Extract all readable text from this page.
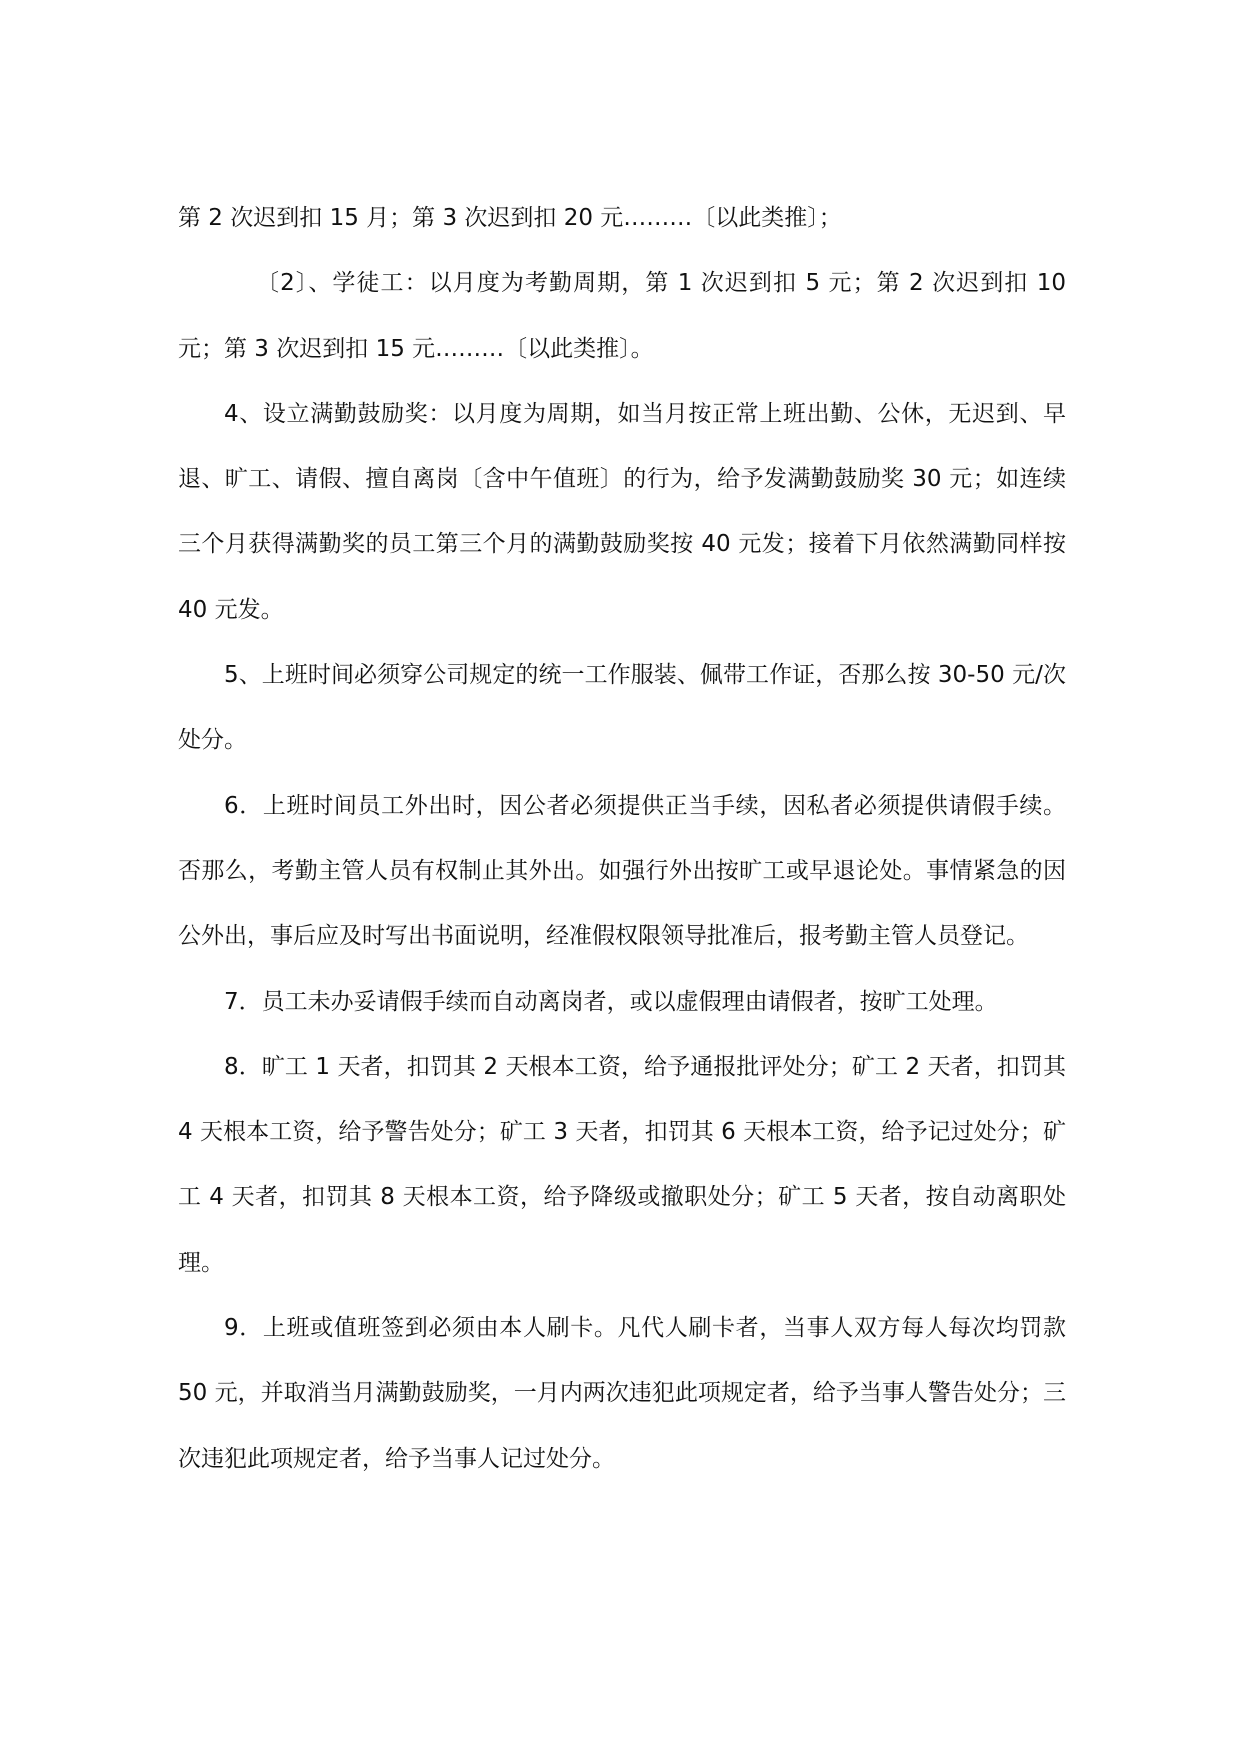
第 2 次迟到扣 15 月；第 3 次迟到扣 20 元………〔以此类推〕；

〔2〕、学徒工：以月度为考勤周期，第 1 次迟到扣 5 元；第 2 次迟到扣 10 元；第 3 次迟到扣 15 元………〔以此类推〕。

4、设立满勤鼓励奖：以月度为周期，如当月按正常上班出勤、公休，无迟到、早退、旷工、请假、擅自离岗〔含中午值班〕的行为，给予发满勤鼓励奖 30 元；如连续三个月获得满勤奖的员工第三个月的满勤鼓励奖按 40 元发；接着下月依然满勤同样按 40 元发。

5、上班时间必须穿公司规定的统一工作服装、佩带工作证，否那么按 30-50 元/次处分。

6．上班时间员工外出时，因公者必须提供正当手续，因私者必须提供请假手续。否那么，考勤主管人员有权制止其外出。如强行外出按旷工或早退论处。事情紧急的因公外出，事后应及时写出书面说明，经准假权限领导批准后，报考勤主管人员登记。

7．员工未办妥请假手续而自动离岗者，或以虚假理由请假者，按旷工处理。

8．旷工 1 天者，扣罚其 2 天根本工资，给予通报批评处分；矿工 2 天者，扣罚其 4 天根本工资，给予警告处分；矿工 3 天者，扣罚其 6 天根本工资，给予记过处分；矿工 4 天者，扣罚其 8 天根本工资，给予降级或撤职处分；矿工 5 天者，按自动离职处理。

9．上班或值班签到必须由本人刷卡。凡代人刷卡者，当事人双方每人每次均罚款 50 元，并取消当月满勤鼓励奖，一月内两次违犯此项规定者，给予当事人警告处分；三次违犯此项规定者，给予当事人记过处分。
